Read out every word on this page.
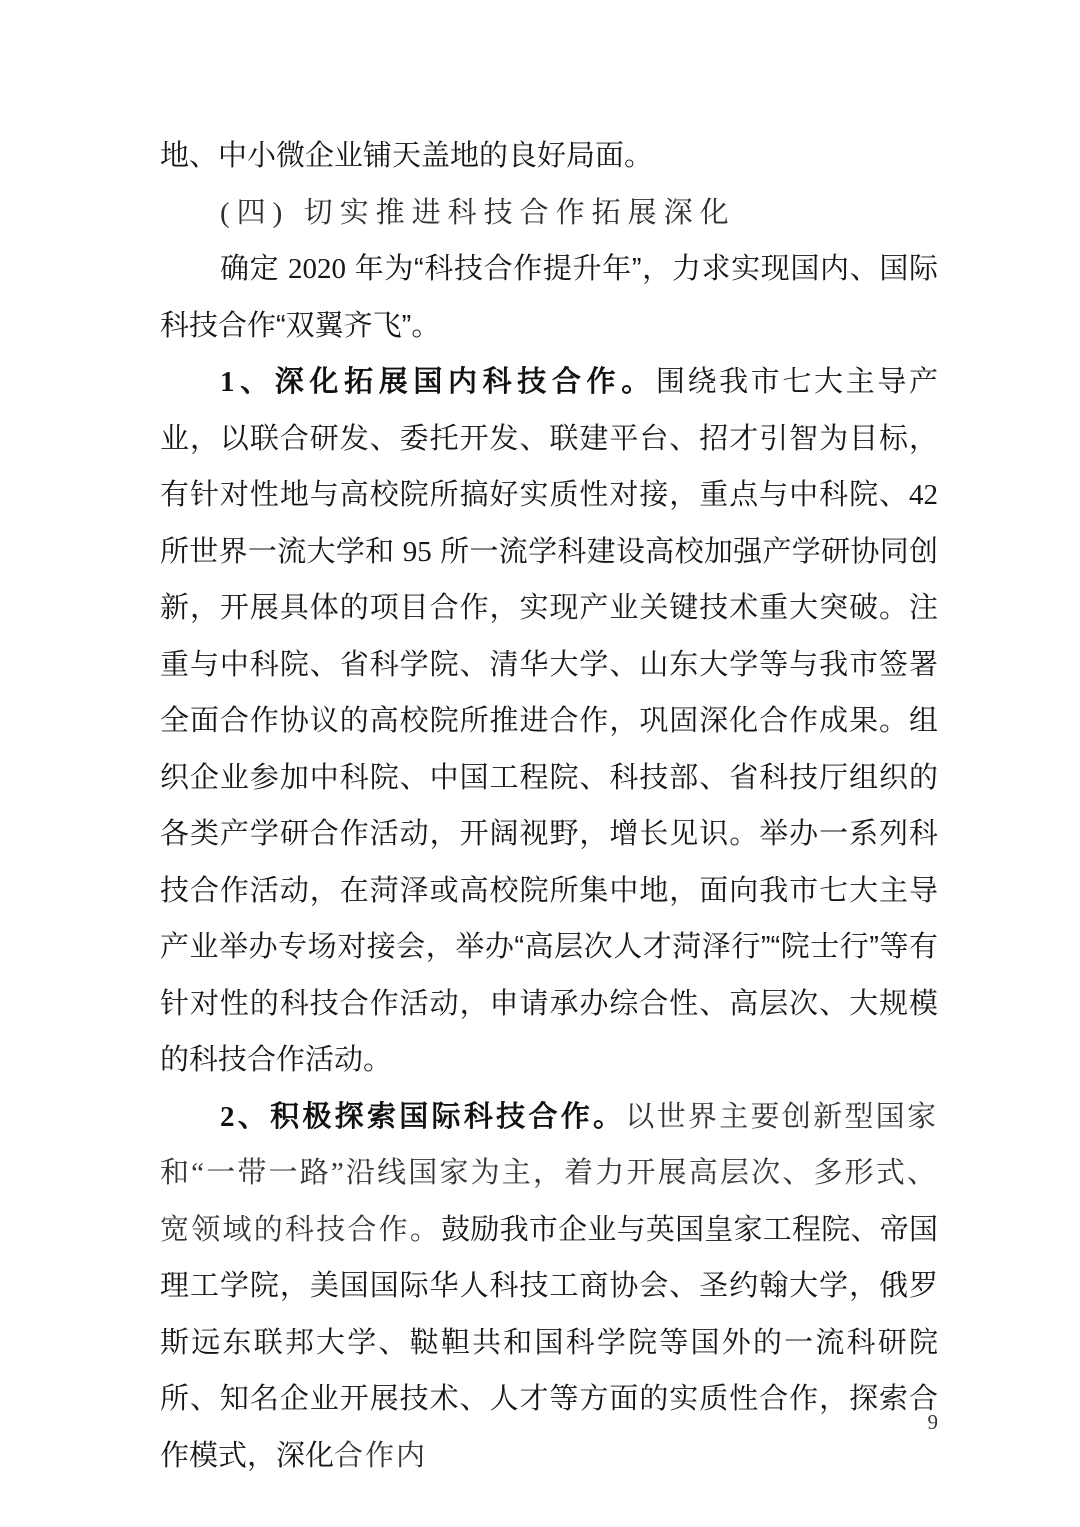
地、中小微企业铺天盖地的良好局面。

(四) 切实推进科技合作拓展深化

确定 2020 年为“科技合作提升年”，力求实现国内、国际科技合作“双翼齐飞”。

1、深化拓展国内科技合作。围绕我市七大主导产业，以联合研发、委托开发、联建平台、招才引智为目标，有针对性地与高校院所搞好实质性对接，重点与中科院、42 所世界一流大学和 95 所一流学科建设高校加强产学研协同创新，开展具体的项目合作，实现产业关键技术重大突破。注重与中科院、省科学院、清华大学、山东大学等与我市签署全面合作协议的高校院所推进合作，巩固深化合作成果。组织企业参加中科院、中国工程院、科技部、省科技厅组织的各类产学研合作活动，开阔视野，增长见识。举办一系列科技合作活动，在菏泽或高校院所集中地，面向我市七大主导产业举办专场对接会，举办“高层次人才菏泽行”“院士行”等有针对性的科技合作活动，申请承办综合性、高层次、大规模的科技合作活动。

2、积极探索国际科技合作。以世界主要创新型国家和“一带一路”沿线国家为主，着力开展高层次、多形式、宽领域的科技合作。鼓励我市企业与英国皇家工程院、帝国理工学院，美国国际华人科技工商协会、圣约翰大学，俄罗斯远东联邦大学、鞑靼共和国科学院等国外的一流科研院所、知名企业开展技术、人才等方面的实质性合作，探索合作模式，深化合作内

9
